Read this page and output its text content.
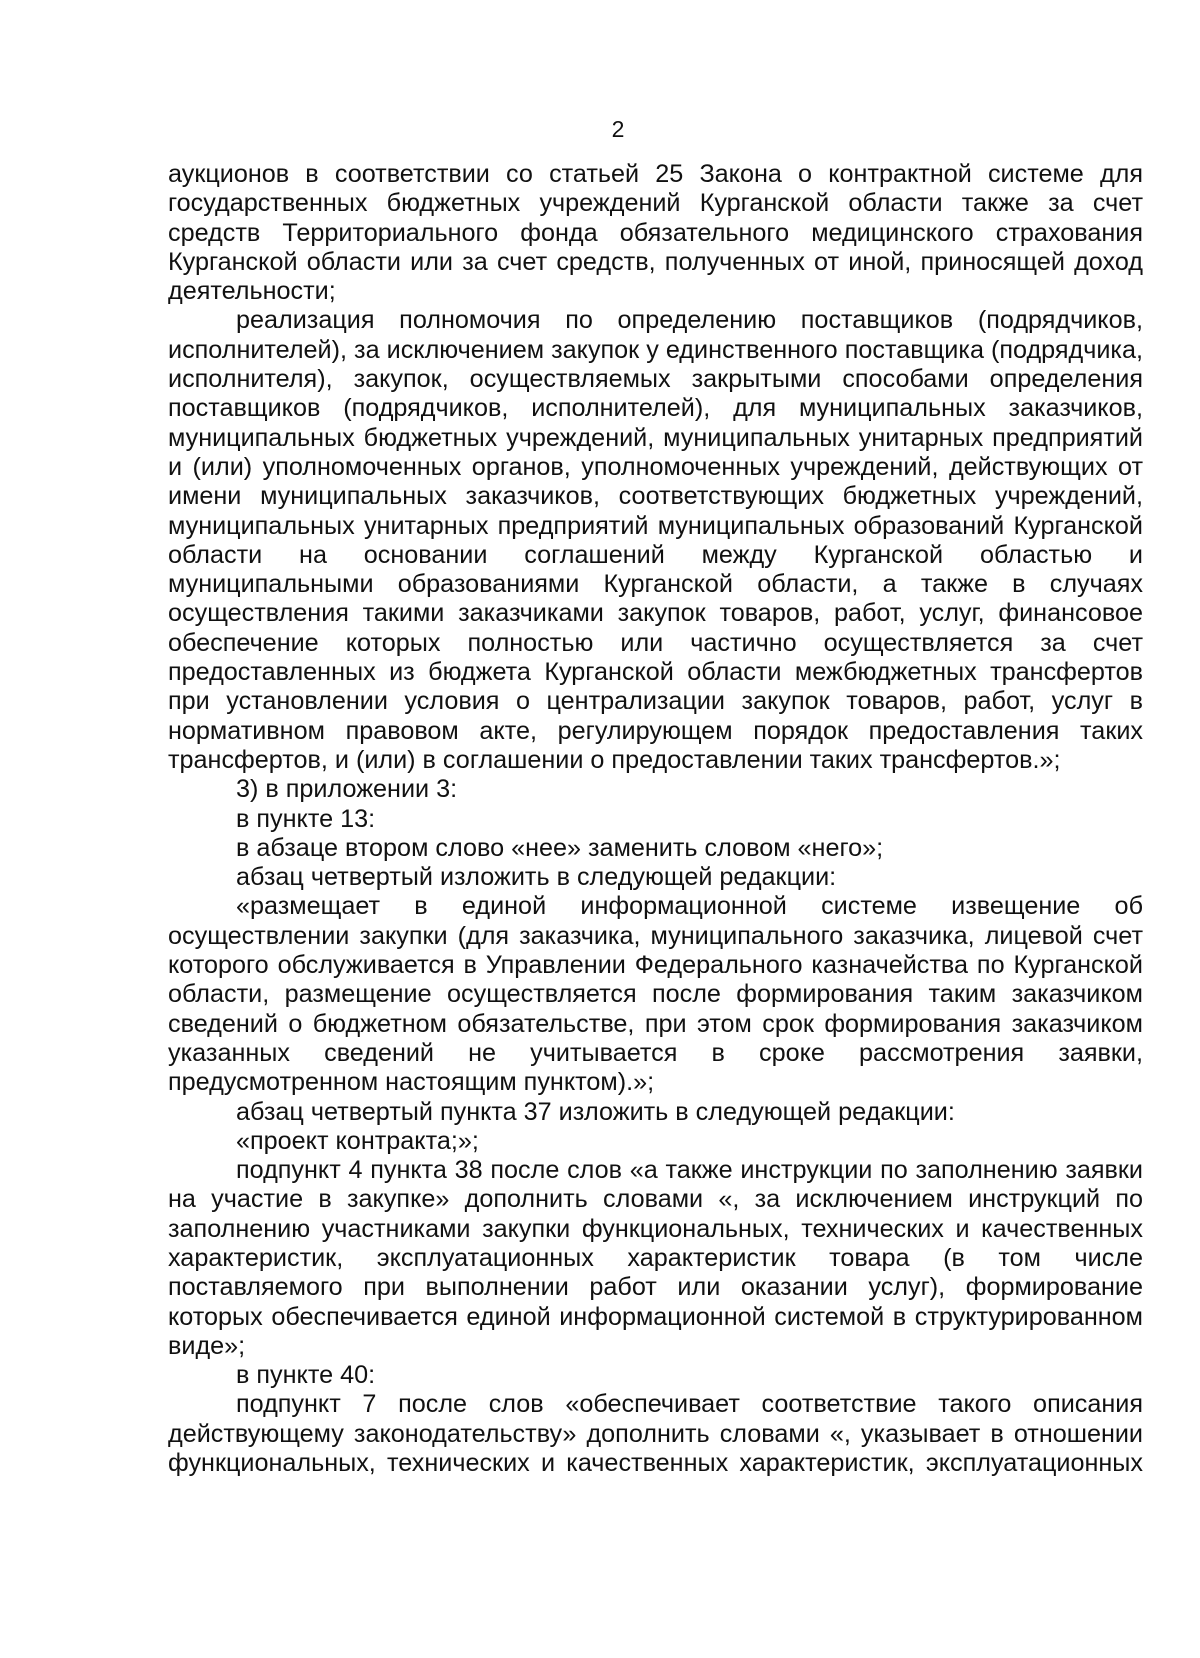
2

аукционов в соответствии со статьей 25 Закона о контрактной системе для государственных бюджетных учреждений Курганской области также за счет средств Территориального фонда обязательного медицинского страхования Курганской области или за счет средств, полученных от иной, приносящей доход деятельности;

реализация полномочия по определению поставщиков (подрядчиков, исполнителей), за исключением закупок у единственного поставщика (подрядчика, исполнителя), закупок, осуществляемых закрытыми способами определения поставщиков (подрядчиков, исполнителей), для муниципальных заказчиков, муниципальных бюджетных учреждений, муниципальных унитарных предприятий и (или) уполномоченных органов, уполномоченных учреждений, действующих от имени муниципальных заказчиков, соответствующих бюджетных учреждений, муниципальных унитарных предприятий муниципальных образований Курганской области на основании соглашений между Курганской областью и муниципальными образованиями Курганской области, а также в случаях осуществления такими заказчиками закупок товаров, работ, услуг, финансовое обеспечение которых полностью или частично осуществляется за счет предоставленных из бюджета Курганской области межбюджетных трансфертов при установлении условия о централизации закупок товаров, работ, услуг в нормативном правовом акте, регулирующем порядок предоставления таких трансфертов, и (или) в соглашении о предоставлении таких трансфертов.»;

3) в приложении 3:

в пункте 13:

в абзаце втором слово «нее» заменить словом «него»;

абзац четвертый изложить в следующей редакции:

«размещает в единой информационной системе извещение об осуществлении закупки (для заказчика, муниципального заказчика, лицевой счет которого обслуживается в Управлении Федерального казначейства по Курганской области, размещение осуществляется после формирования таким заказчиком сведений о бюджетном обязательстве, при этом срок формирования заказчиком указанных сведений не учитывается в сроке рассмотрения заявки, предусмотренном настоящим пунктом).»;

абзац четвертый пункта 37 изложить в следующей редакции:

«проект контракта;»;

подпункт 4 пункта 38 после слов «а также инструкции по заполнению заявки на участие в закупке» дополнить словами «, за исключением инструкций по заполнению участниками закупки функциональных, технических и качественных характеристик, эксплуатационных характеристик товара (в том числе поставляемого при выполнении работ или оказании услуг), формирование которых обеспечивается единой информационной системой в структурированном виде»;

в пункте 40:

подпункт 7 после слов «обеспечивает соответствие такого описания действующему законодательству» дополнить словами «, указывает в отношении функциональных, технических и качественных характеристик, эксплуатационных
